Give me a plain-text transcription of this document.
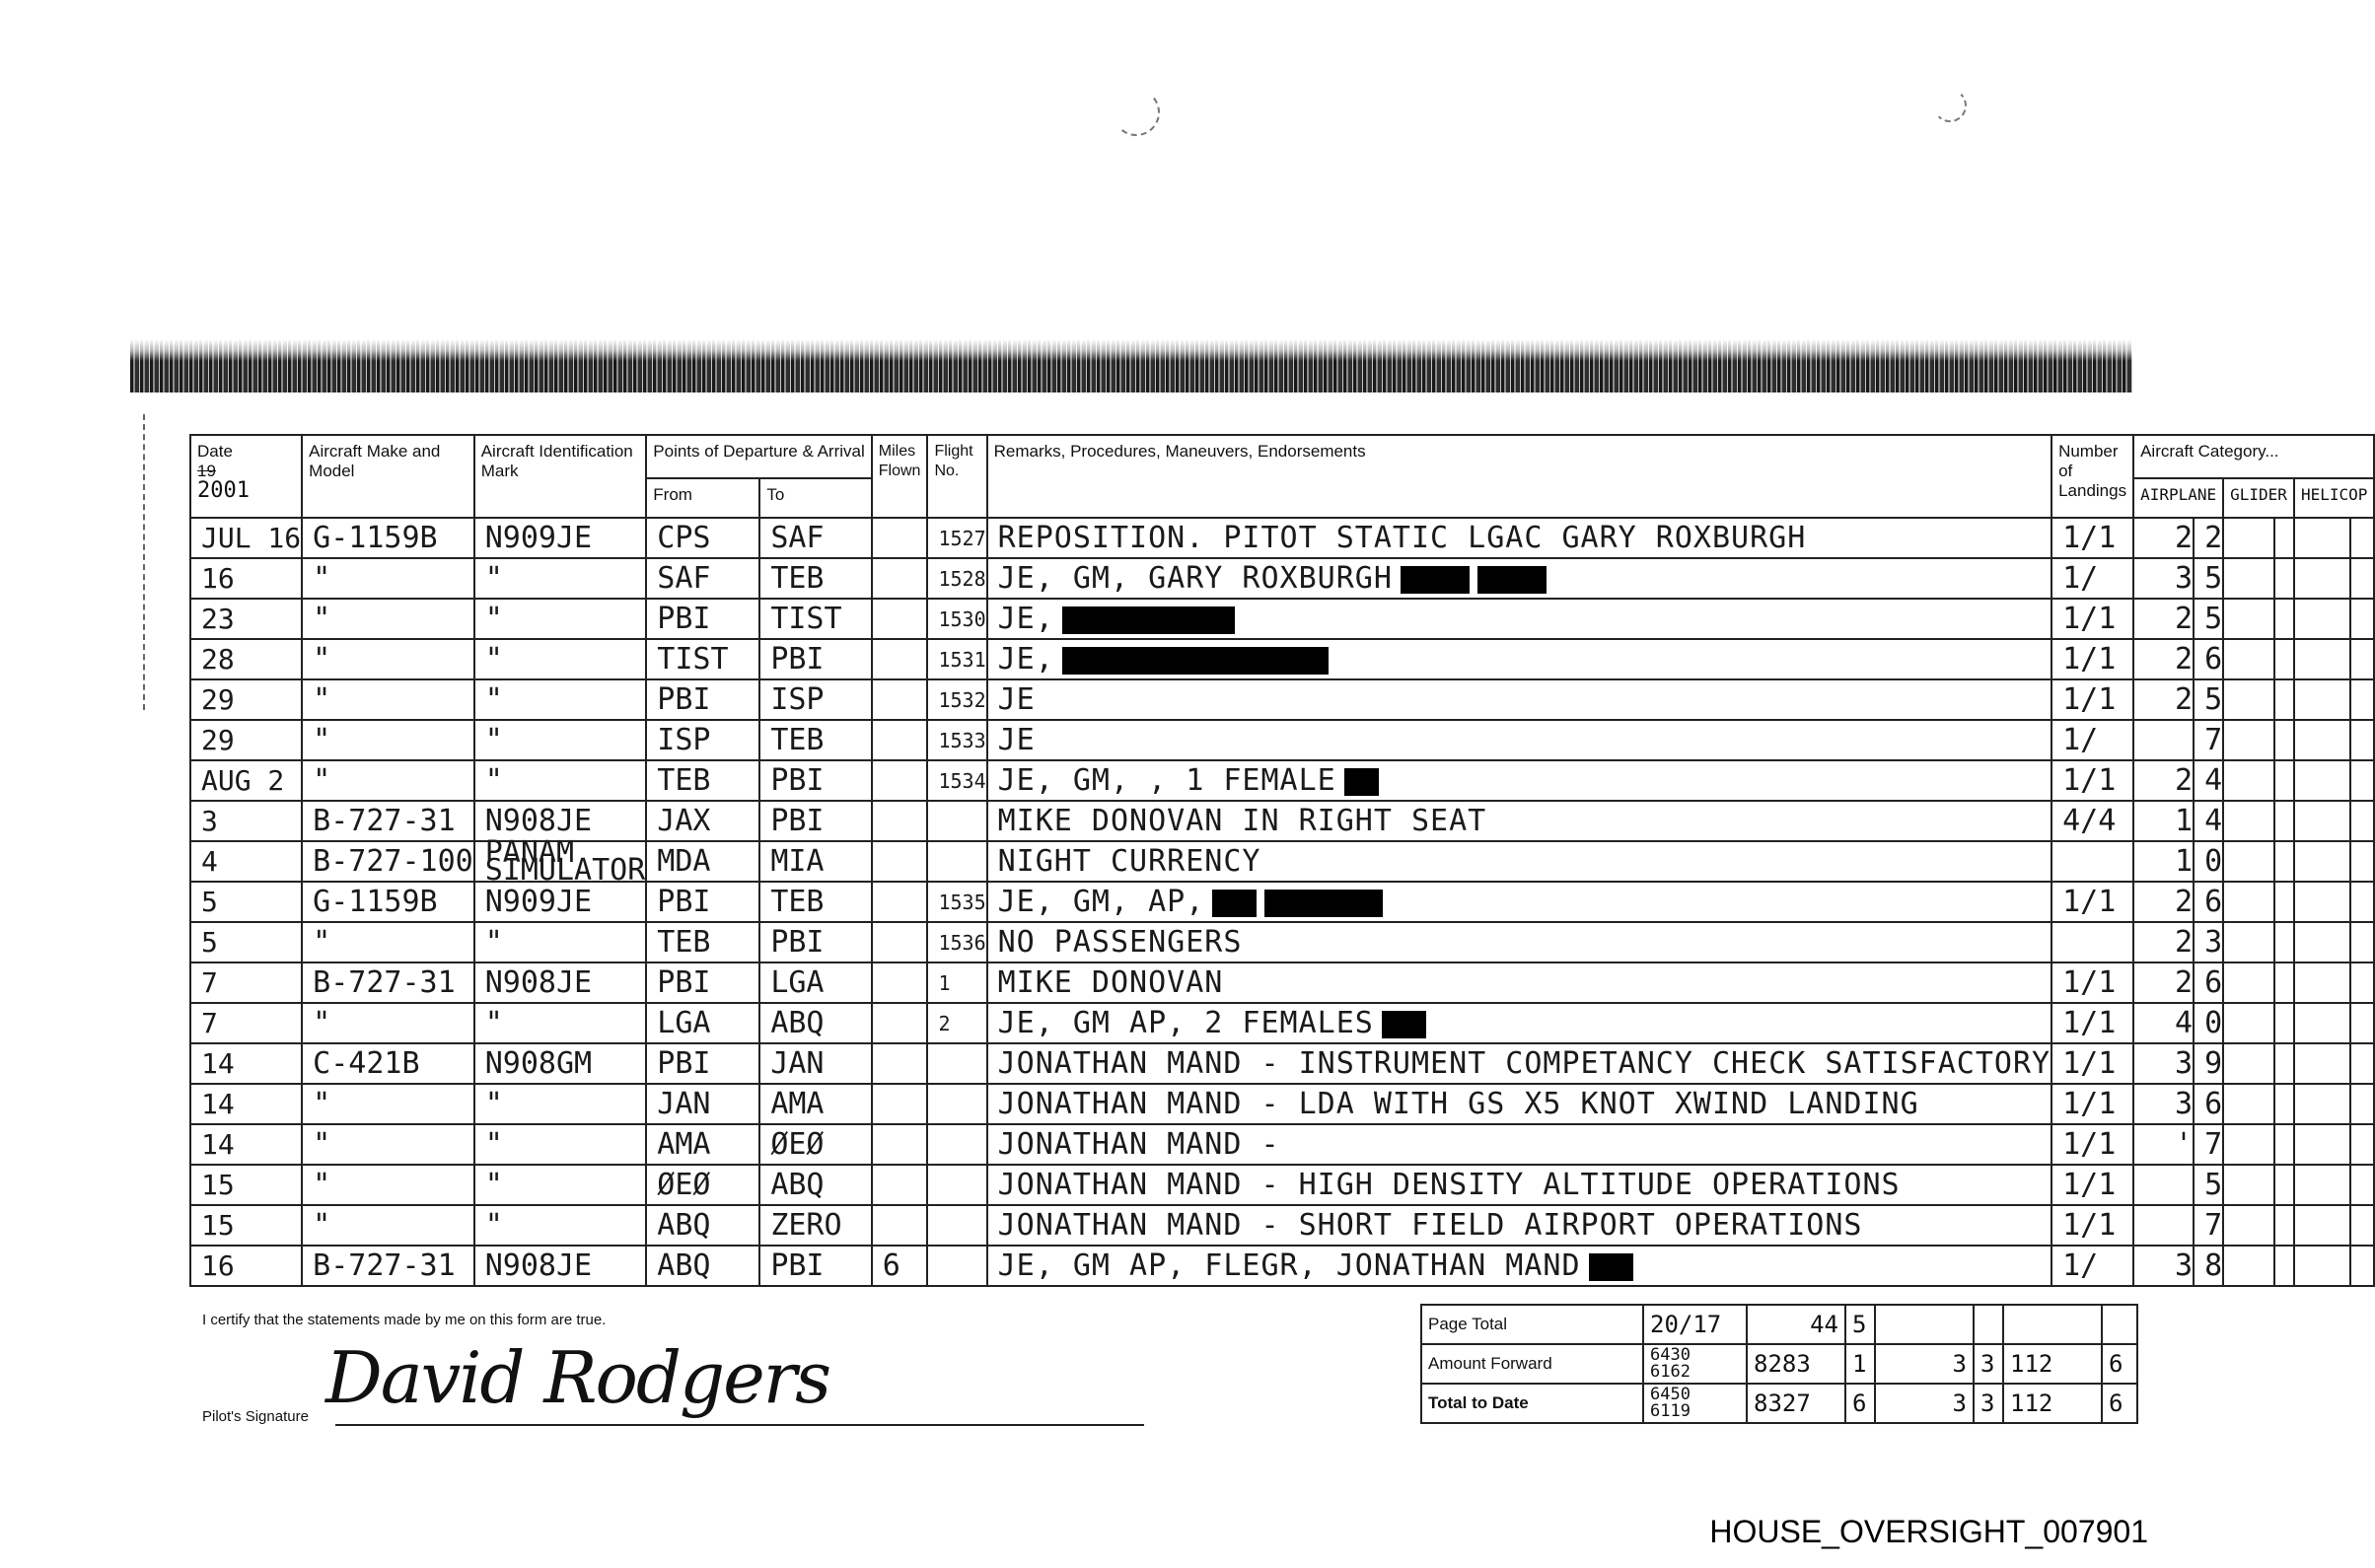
Date
19
2001	Aircraft Make and Model	Aircraft Identification Mark	Points of Departure & Arrival		Miles Flown	Flight No.	Remarks, Procedures, Maneuvers, Endorsements	Number of Landings	Aircraft Category...					
			From	To					AIRPLANE		GLIDER		HELICOP	
JUL 16	G-1159B	N909JE	CPS	SAF		1527	REPOSITION. PITOT STATIC LGAC GARY ROXBURGH	1/1	2	2				
16	"	"	SAF	TEB		1528	JE, GM, GARY ROXBURGH	1/	3	5				
23	"	"	PBI	TIST		1530	JE,	1/1	2	5				
28	"	"	TIST	PBI		1531	JE,	1/1	2	6				
29	"	"	PBI	ISP		1532	JE	1/1	2	5				
29	"	"	ISP	TEB		1533	JE	1/		7				
AUG 2	"	"	TEB	PBI		1534	JE, GM, , 1 FEMALE	1/1	2	4				
3	B-727-31	N908JE	JAX	PBI			MIKE DONOVAN IN RIGHT SEAT	4/4	1	4				
4	B-727-100	PANAM SIMULATOR	MDA	MIA			NIGHT CURRENCY		1	0				
5	G-1159B	N909JE	PBI	TEB		1535	JE, GM, AP,	1/1	2	6				
5	"	"	TEB	PBI		1536	NO PASSENGERS		2	3				
7	B-727-31	N908JE	PBI	LGA		1	MIKE DONOVAN	1/1	2	6				
7	"	"	LGA	ABQ		2	JE, GM AP, 2 FEMALES	1/1	4	0				
14	C-421B	N908GM	PBI	JAN			JONATHAN MAND - INSTRUMENT COMPETANCY CHECK SATISFACTORY	1/1	3	9				
14	"	"	JAN	AMA			JONATHAN MAND - LDA WITH GS X5 KNOT XWIND LANDING	1/1	3	6				
14	"	"	AMA	ØEØ			JONATHAN MAND -	1/1	'	7				
15	"	"	ØEØ	ABQ			JONATHAN MAND - HIGH DENSITY ALTITUDE OPERATIONS	1/1		5				
15	"	"	ABQ	ZERO			JONATHAN MAND - SHORT FIELD AIRPORT OPERATIONS	1/1		7				
16	B-727-31	N908JE	ABQ	PBI	6		JE, GM AP, FLEGR, JONATHAN MAND	1/	3	8				
I certify that the statements made by me on this form are true.
David Rodgers
Pilot's Signature
Page Total	20/17	44	5				
Amount Forward	6430 6162	8283	1	3	3	112	6
Total to Date	6450 6119	8327	6	3	3	112	6
HOUSE_OVERSIGHT_007901
